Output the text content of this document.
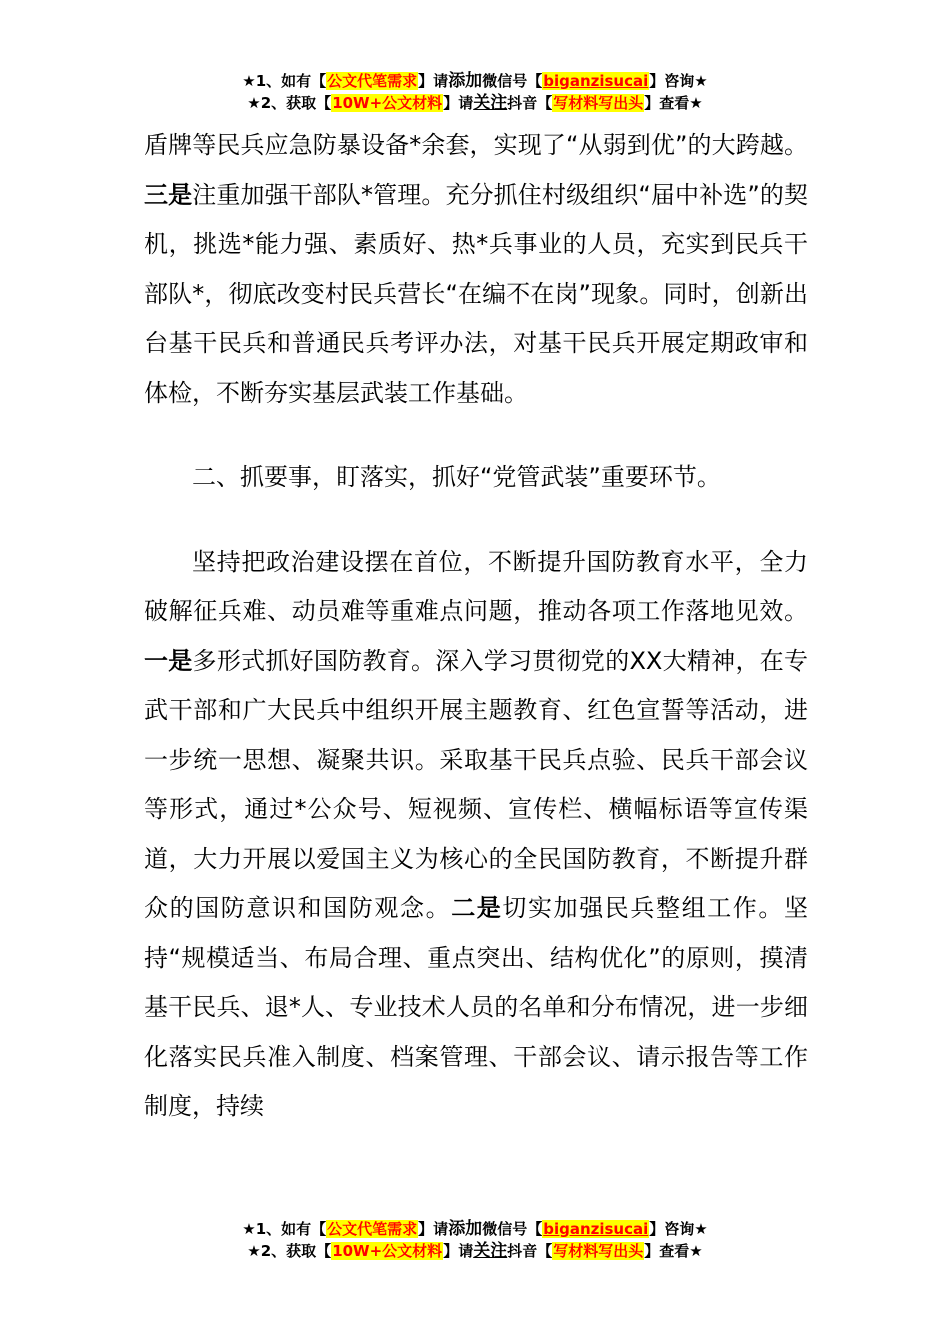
★1、如有【公文代笔需求】请添加微信号【biganzisucai】咨询★
★2、获取【10W+公文材料】请关注抖音【写材料写出头】查看★

盾牌等民兵应急防暴设备*余套，实现了“从弱到优”的大跨越。三是注重加强干部队*管理。充分抓住村级组织“届中补选”的契机，挑选*能力强、素质好、热*兵事业的人员，充实到民兵干部队*，彻底改变村民兵营长“在编不在岗”现象。同时，创新出台基干民兵和普通民兵考评办法，对基干民兵开展定期政审和体检，不断夯实基层武装工作基础。

二、抓要事，盯落实，抓好“党管武装”重要环节。

坚持把政治建设摆在首位，不断提升国防教育水平，全力破解征兵难、动员难等重难点问题，推动各项工作落地见效。一是多形式抓好国防教育。深入学习贯彻党的XX大精神，在专武干部和广大民兵中组织开展主题教育、红色宣誓等活动，进一步统一思想、凝聚共识。采取基干民兵点验、民兵干部会议等形式，通过*公众号、短视频、宣传栏、横幅标语等宣传渠道，大力开展以爱国主义为核心的全民国防教育，不断提升群众的国防意识和国防观念。二是切实加强民兵整组工作。坚持“规模适当、布局合理、重点突出、结构优化”的原则，摸清基干民兵、退*人、专业技术人员的名单和分布情况，进一步细化落实民兵准入制度、档案管理、干部会议、请示报告等工作制度，持续

★1、如有【公文代笔需求】请添加微信号【biganzisucai】咨询★
★2、获取【10W+公文材料】请关注抖音【写材料写出头】查看★
